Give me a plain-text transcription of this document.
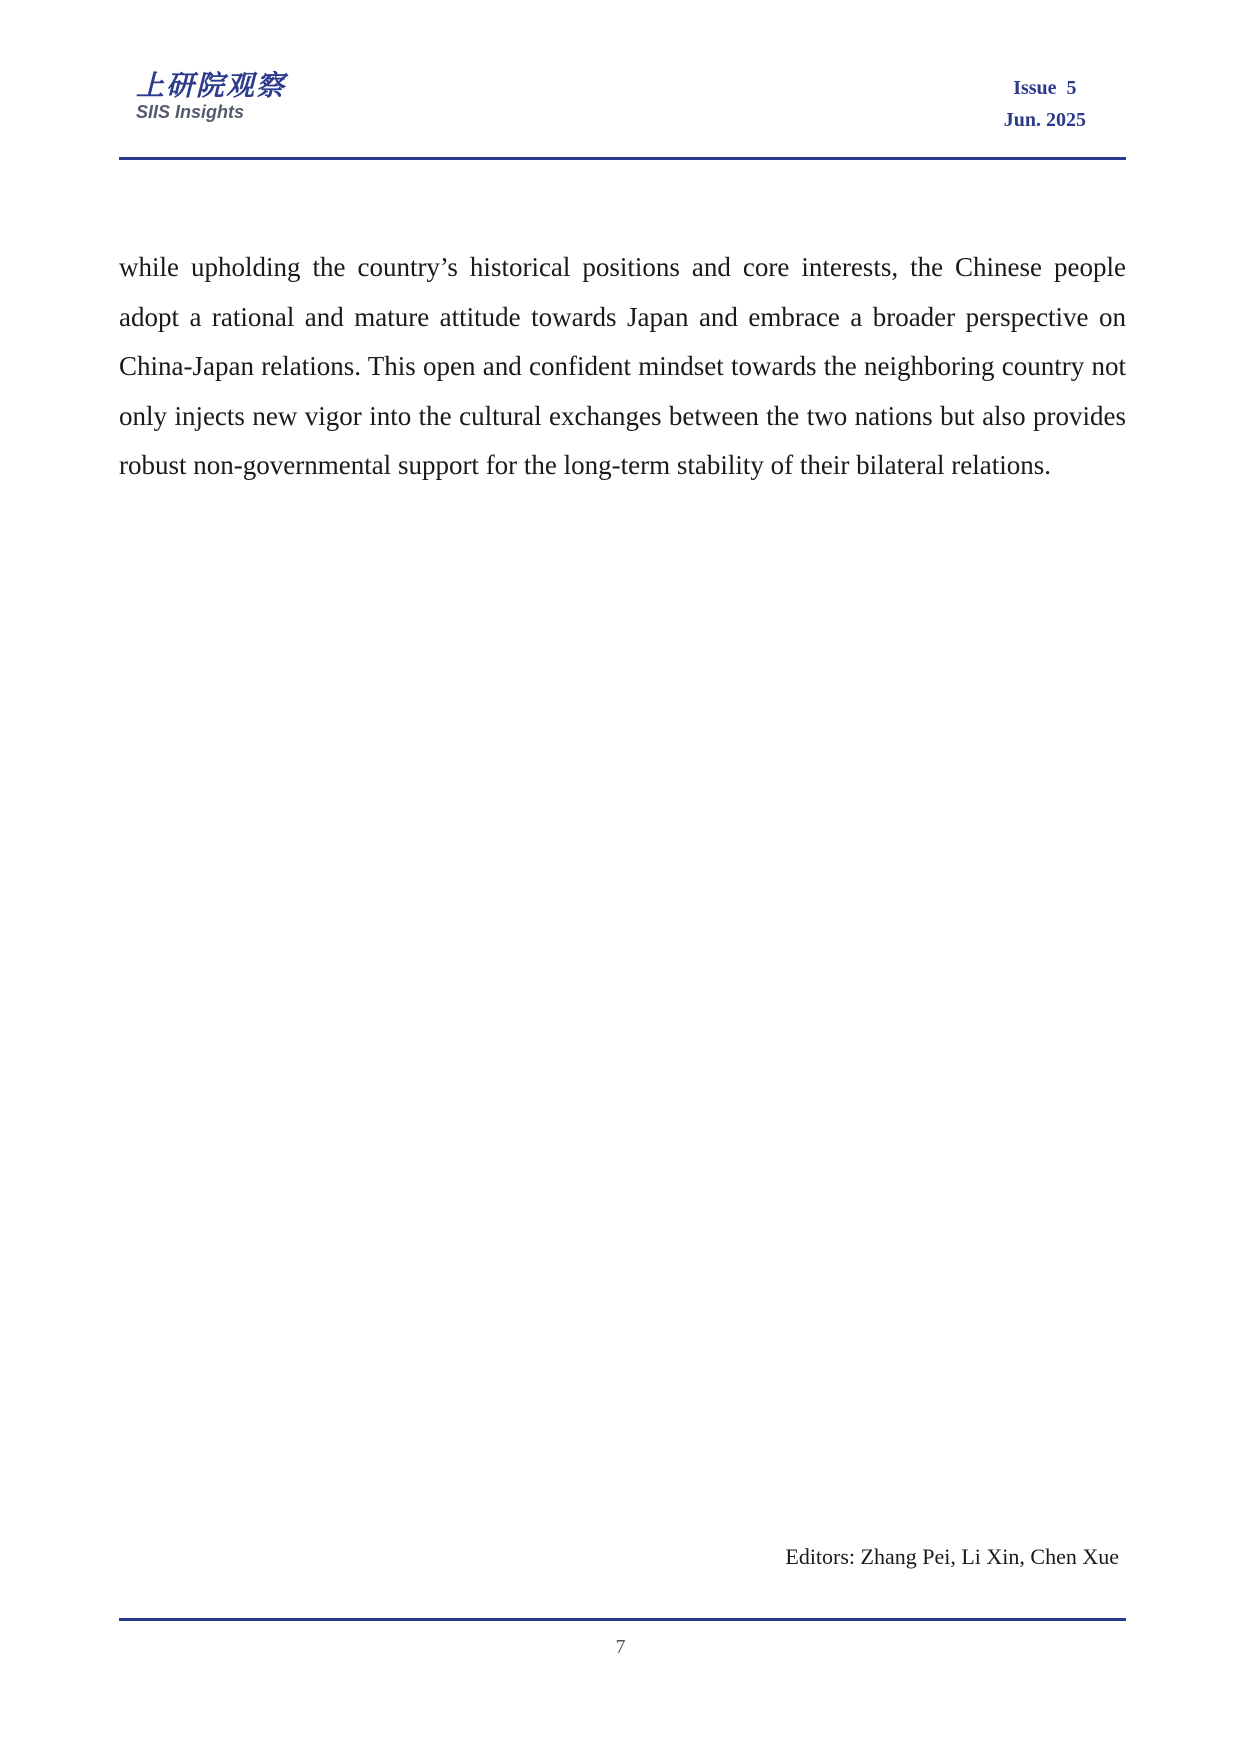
上研院观察
SIIS Insights
Issue  5
Jun. 2025

while upholding the country’s historical positions and core interests, the Chinese people adopt a rational and mature attitude towards Japan and embrace a broader perspective on China-Japan relations. This open and confident mindset towards the neighboring country not only injects new vigor into the cultural exchanges between the two nations but also provides robust non-governmental support for the long-term stability of their bilateral relations.

Editors: Zhang Pei, Li Xin, Chen Xue
7
